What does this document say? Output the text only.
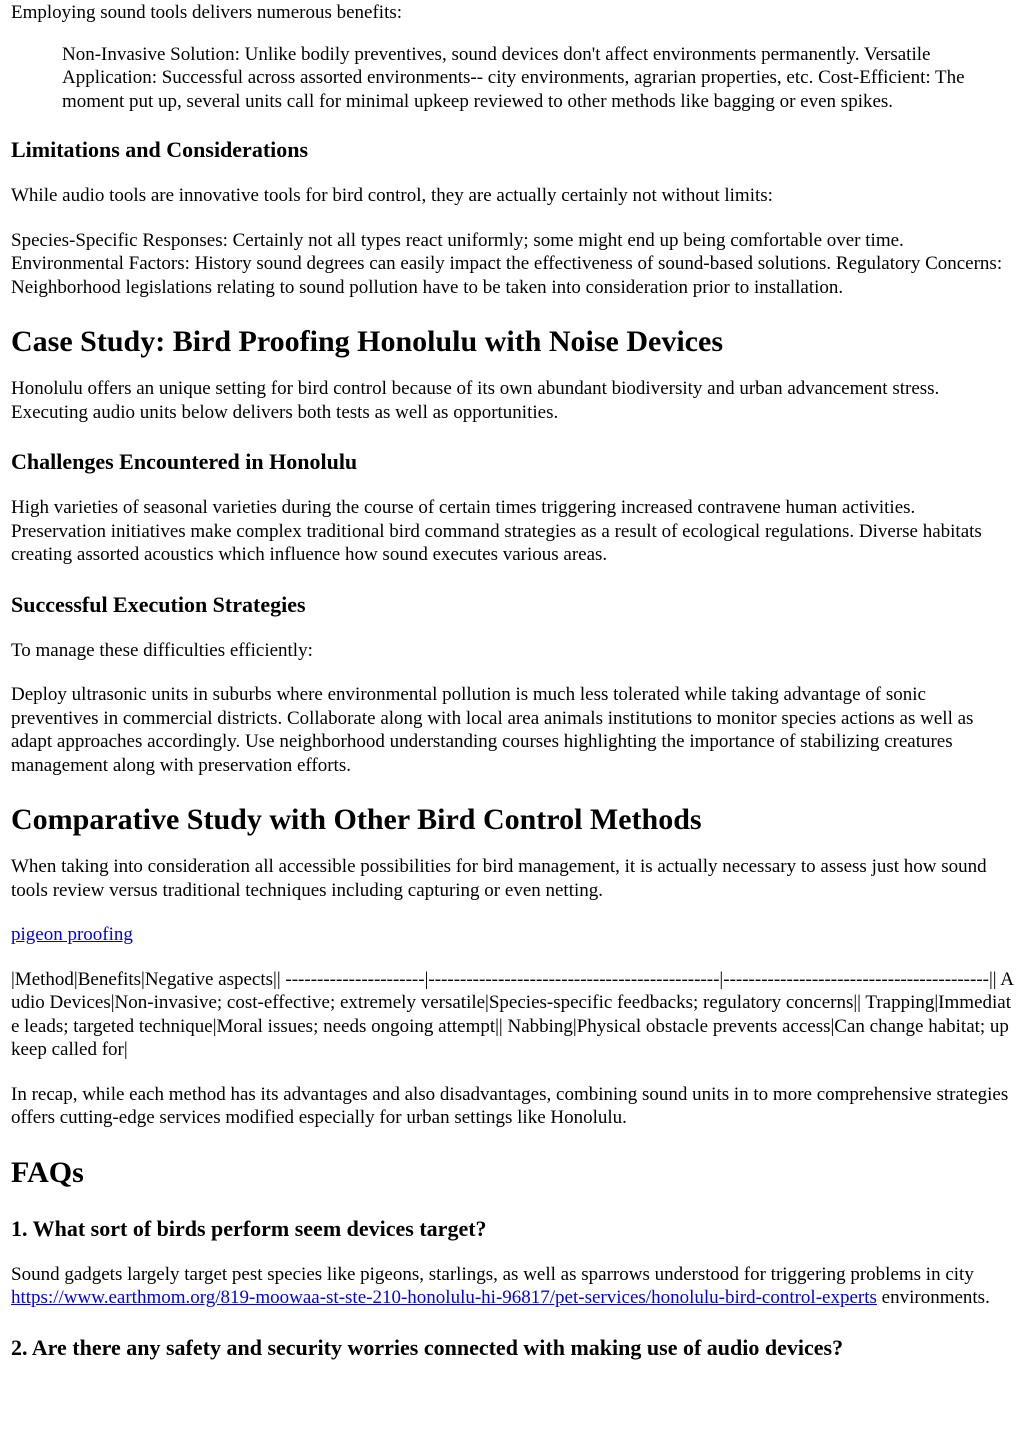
Employing sound tools delivers numerous benefits:

Non-Invasive Solution: Unlike bodily preventives, sound devices don't affect environments permanently. Versatile Application: Successful across assorted environments-- city environments, agrarian properties, etc. Cost-Efficient: The moment put up, several units call for minimal upkeep reviewed to other methods like bagging or even spikes.
Limitations and Considerations

While audio tools are innovative tools for bird control, they are actually certainly not without limits:

Species-Specific Responses: Certainly not all types react uniformly; some might end up being comfortable over time. Environmental Factors: History sound degrees can easily impact the effectiveness of sound-based solutions. Regulatory Concerns: Neighborhood legislations relating to sound pollution have to be taken into consideration prior to installation.

Case Study: Bird Proofing Honolulu with Noise Devices

Honolulu offers an unique setting for bird control because of its own abundant biodiversity and urban advancement stress. Executing audio units below delivers both tests as well as opportunities.

Challenges Encountered in Honolulu

High varieties of seasonal varieties during the course of certain times triggering increased contravene human activities. Preservation initiatives make complex traditional bird command strategies as a result of ecological regulations. Diverse habitats creating assorted acoustics which influence how sound executes various areas.

Successful Execution Strategies

To manage these difficulties efficiently:

Deploy ultrasonic units in suburbs where environmental pollution is much less tolerated while taking advantage of sonic preventives in commercial districts. Collaborate along with local area animals institutions to monitor species actions as well as adapt approaches accordingly. Use neighborhood understanding courses highlighting the importance of stabilizing creatures management along with preservation efforts.

Comparative Study with Other Bird Control Methods

When taking into consideration all accessible possibilities for bird management, it is actually necessary to assess just how sound tools review versus traditional techniques including capturing or even netting.

pigeon proofing

|Method|Benefits|Negative aspects|| ----------------------|----------------------------------------------|------------------------------------------|| Audio Devices|Non-invasive; cost-effective; extremely versatile|Species-specific feedbacks; regulatory concerns|| Trapping|Immediate leads; targeted technique|Moral issues; needs ongoing attempt|| Nabbing|Physical obstacle prevents access|Can change habitat; upkeep called for|

In recap, while each method has its advantages and also disadvantages, combining sound units in to more comprehensive strategies offers cutting-edge services modified especially for urban settings like Honolulu.

FAQs
1. What sort of birds perform seem devices target?

Sound gadgets largely target pest species like pigeons, starlings, as well as sparrows understood for triggering problems in city https://www.earthmom.org/819-moowaa-st-ste-210-honolulu-hi-96817/pet-services/honolulu-bird-control-experts environments.

2. Are there any safety and security worries connected with making use of audio devices?
